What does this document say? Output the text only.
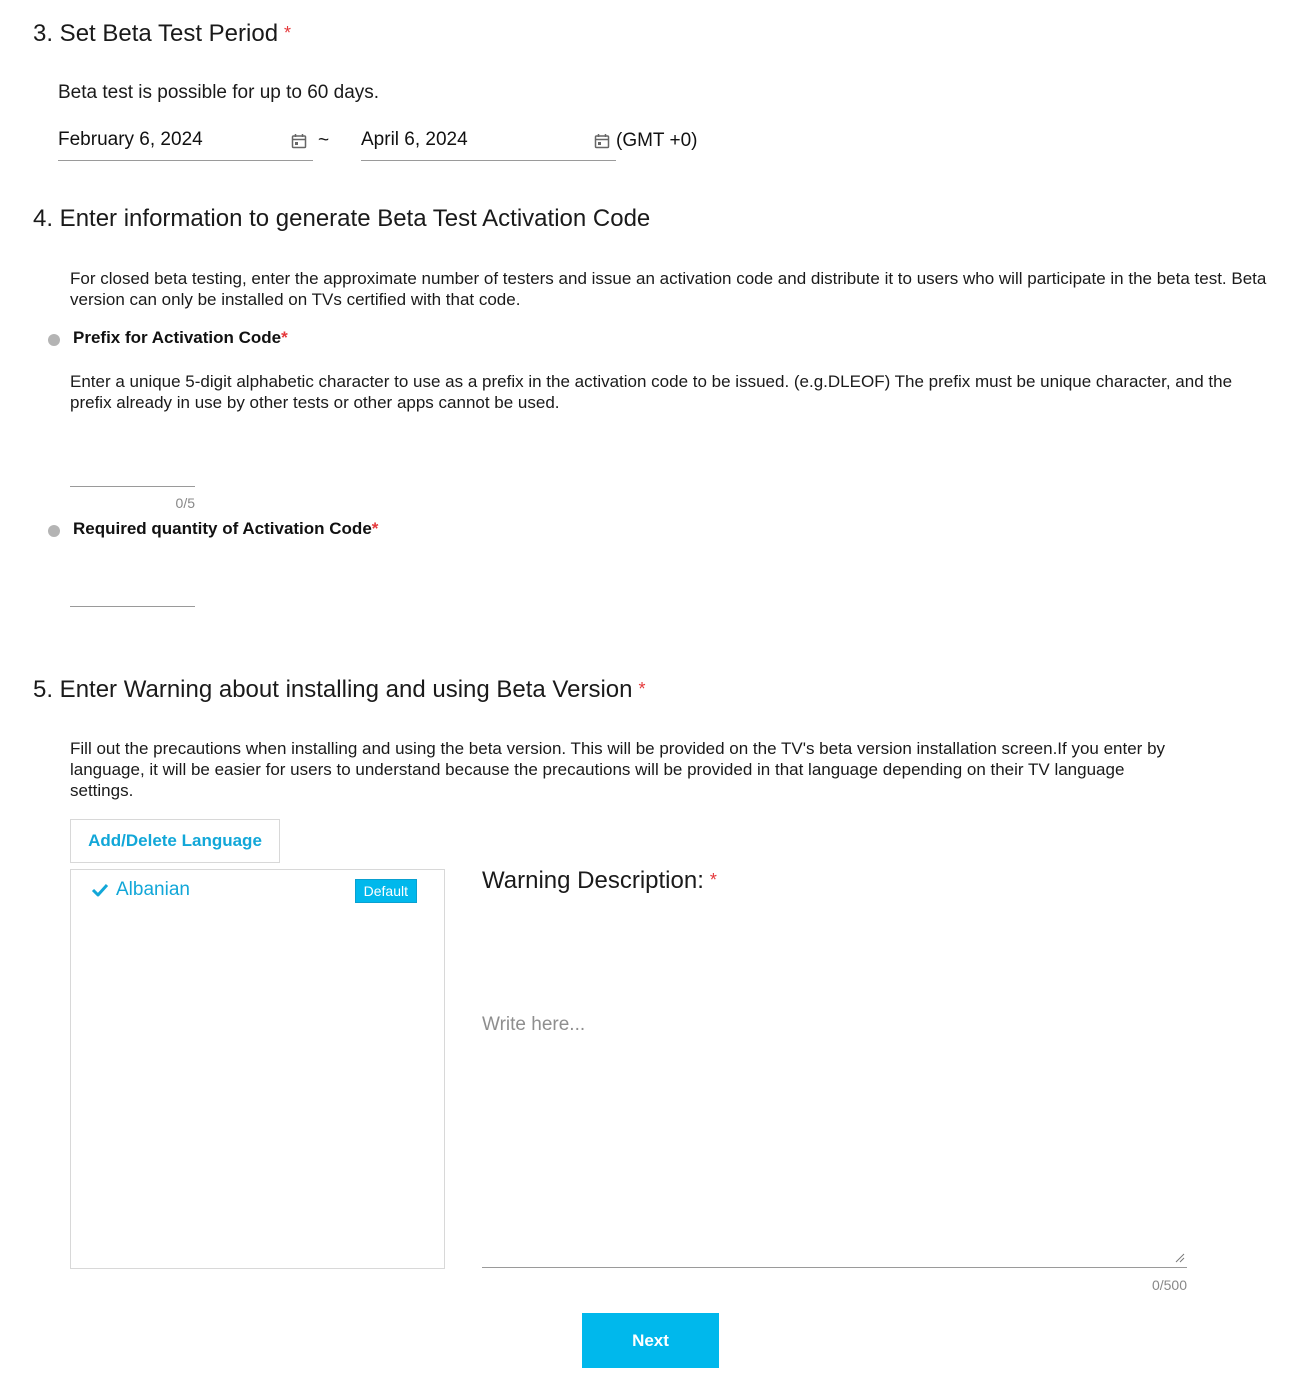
3. Set Beta Test Period *
Beta test is possible for up to 60 days.
February 6, 2024	~ April 6, 2024	(GMT +0)
4. Enter information to generate Beta Test Activation Code
For closed beta testing, enter the approximate number of testers and issue an activation code and distribute it to users who will participate in the beta test. Beta version can only be installed on TVs certified with that code.
Prefix for Activation Code*
Enter a unique 5-digit alphabetic character to use as a prefix in the activation code to be issued. (e.g.DLEOF) The prefix must be unique character, and the prefix already in use by other tests or other apps cannot be used.
0/5
Required quantity of Activation Code*
5. Enter Warning about installing and using Beta Version *
Fill out the precautions when installing and using the beta version. This will be provided on the TV's beta version installation screen.If you enter by language, it will be easier for users to understand because the precautions will be provided in that language depending on their TV language settings.
Add/Delete Language
Albanian	Default	Warning Description: *
Write here...
0/500
Next
